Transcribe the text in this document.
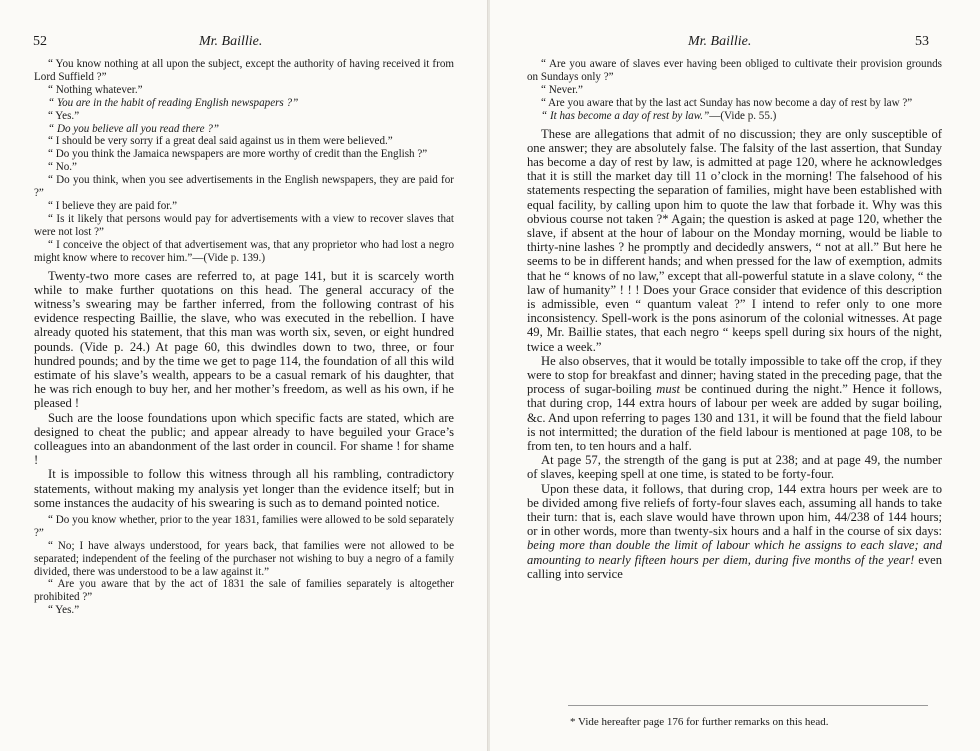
52	Mr. Baillie.

“ You know nothing at all upon the subject, except the authority of having received it from Lord Suffield ?”

“ Nothing whatever.”

“ You are in the habit of reading English newspapers ?”

“ Yes.”

“ Do you believe all you read there ?”

“ I should be very sorry if a great deal said against us in them were believed.”

“ Do you think the Jamaica newspapers are more worthy of credit than the English ?”

“ No.”

“ Do you think, when you see advertisements in the English newspapers, they are paid for ?”

“ I believe they are paid for.”

“ Is it likely that persons would pay for advertisements with a view to recover slaves that were not lost ?”

“ I conceive the object of that advertisement was, that any proprietor who had lost a negro might know where to recover him.”—(Vide p. 139.)

Twenty-two more cases are referred to, at page 141, but it is scarcely worth while to make further quotations on this head. The general accuracy of the witness’s swearing may be farther inferred, from the following contrast of his evidence respecting Baillie, the slave, who was executed in the rebellion. I have already quoted his statement, that this man was worth six, seven, or eight hundred pounds. (Vide p. 24.) At page 60, this dwindles down to two, three, or four hundred pounds; and by the time we get to page 114, the foundation of all this wild estimate of his slave’s wealth, appears to be a casual remark of his daughter, that he was rich enough to buy her, and her mother’s freedom, as well as his own, if he pleased !

Such are the loose foundations upon which specific facts are stated, which are designed to cheat the public; and appear already to have beguiled your Grace’s colleagues into an abandonment of the last order in council. For shame ! for shame !

It is impossible to follow this witness through all his rambling, contradictory statements, without making my analysis yet longer than the evidence itself; but in some instances the audacity of his swearing is such as to demand pointed notice.

“ Do you know whether, prior to the year 1831, families were allowed to be sold separately ?”

“ No; I have always understood, for years back, that families were not allowed to be separated; independent of the feeling of the purchaser not wishing to buy a negro of a family divided, there was understood to be a law against it.”

“ Are you aware that by the act of 1831 the sale of families separately is altogether prohibited ?”

“ Yes.”

Mr. Baillie.	53

“ Are you aware of slaves ever having been obliged to cultivate their provision grounds on Sundays only ?”

“ Never.”

“ Are you aware that by the last act Sunday has now become a day of rest by law ?”

“ It has become a day of rest by law.”—(Vide p. 55.)

These are allegations that admit of no discussion; they are only susceptible of one answer; they are absolutely false. The falsity of the last assertion, that Sunday has become a day of rest by law, is admitted at page 120, where he acknowledges that it is still the market day till 11 o’clock in the morning! The falsehood of his statements respecting the separation of families, might have been established with equal facility, by calling upon him to quote the law that forbade it. Why was this obvious course not taken ?* Again; the question is asked at page 120, whether the slave, if absent at the hour of labour on the Monday morning, would be liable to thirty-nine lashes ? he promptly and decidedly answers, “ not at all.” But here he seems to be in different hands; and when pressed for the law of exemption, admits that he “ knows of no law,” except that all-powerful statute in a slave colony, “ the law of humanity” ! ! ! Does your Grace consider that evidence of this description is admissible, even “ quantum valeat ?” I intend to refer only to one more inconsistency. Spell-work is the pons asinorum of the colonial witnesses. At page 49, Mr. Baillie states, that each negro “ keeps spell during six hours of the night, twice a week.”

He also observes, that it would be totally impossible to take off the crop, if they were to stop for breakfast and dinner; having stated in the preceding page, that the process of sugar-boiling must be continued during the night.” Hence it follows, that during crop, 144 extra hours of labour per week are added by sugar boiling, &c. And upon referring to pages 130 and 131, it will be found that the field labour is not intermitted; the duration of the field labour is mentioned at page 108, to be from ten, to ten hours and a half.

At page 57, the strength of the gang is put at 238; and at page 49, the number of slaves, keeping spell at one time, is stated to be forty-four.

Upon these data, it follows, that during crop, 144 extra hours per week are to be divided among five reliefs of forty-four slaves each, assuming all hands to take their turn: that is, each slave would have thrown upon him, 44/238 of 144 hours; or in other words, more than twenty-six hours and a half in the course of six days: being more than double the limit of labour which he assigns to each slave; and amounting to nearly fifteen hours per diem, during five months of the year! even calling into service

* Vide hereafter page 176 for further remarks on this head.
